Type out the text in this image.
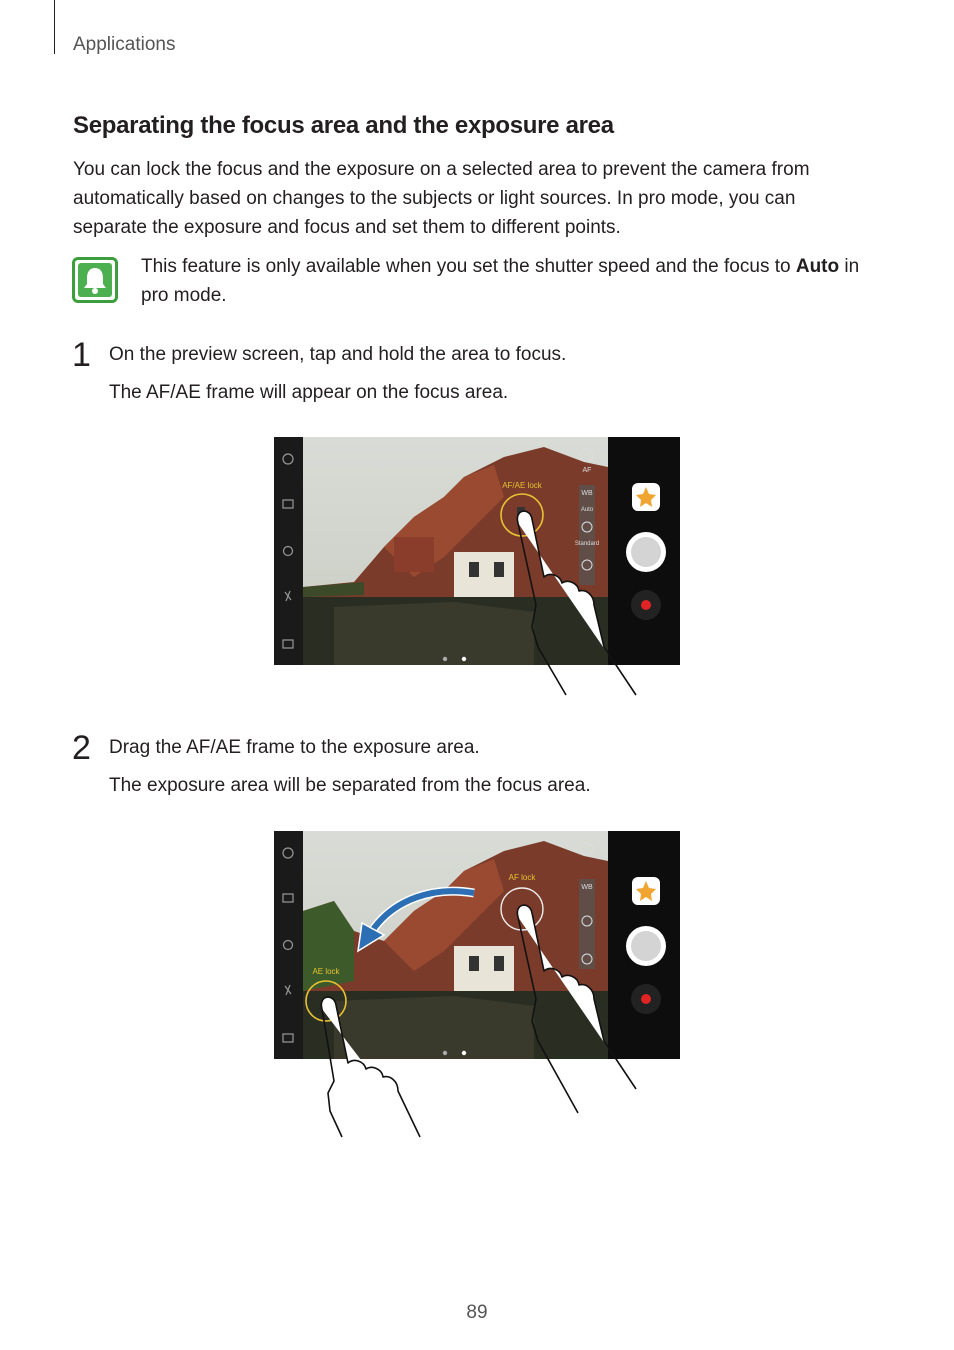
Applications
Separating the focus area and the exposure area

You can lock the focus and the exposure on a selected area to prevent the camera from automatically based on changes to the subjects or light sources. In pro mode, you can separate the exposure and focus and set them to different points.

This feature is only available when you set the shutter speed and the focus to Auto in pro mode.

1 On the preview screen, tap and hold the area to focus.
The AF/AE frame will appear on the focus area.
AF
WB
Auto
Standard
AF/AE lock
2 Drag the AF/AE frame to the exposure area.
The exposure area will be separated from the focus area.
WB
AF lock
AE lock
89
